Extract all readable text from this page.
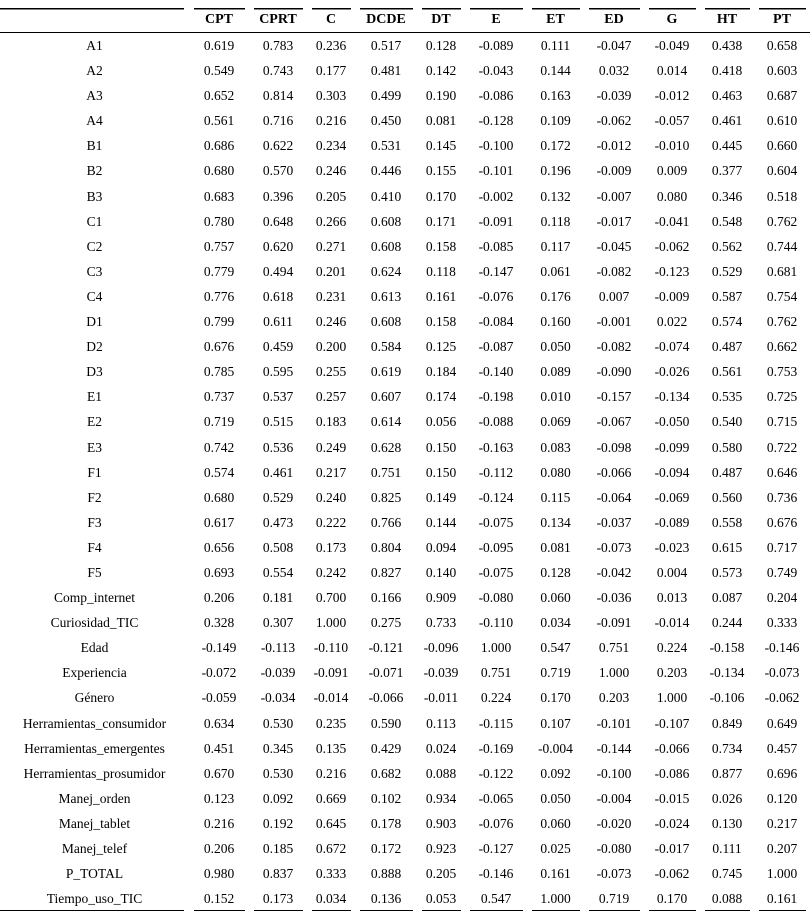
	CPT	CPRT	C	DCDE	DT	E	ET	ED	G	HT	PT
A1	0.619	0.783	0.236	0.517	0.128	-0.089	0.111	-0.047	-0.049	0.438	0.658
A2	0.549	0.743	0.177	0.481	0.142	-0.043	0.144	0.032	0.014	0.418	0.603
A3	0.652	0.814	0.303	0.499	0.190	-0.086	0.163	-0.039	-0.012	0.463	0.687
A4	0.561	0.716	0.216	0.450	0.081	-0.128	0.109	-0.062	-0.057	0.461	0.610
B1	0.686	0.622	0.234	0.531	0.145	-0.100	0.172	-0.012	-0.010	0.445	0.660
B2	0.680	0.570	0.246	0.446	0.155	-0.101	0.196	-0.009	0.009	0.377	0.604
B3	0.683	0.396	0.205	0.410	0.170	-0.002	0.132	-0.007	0.080	0.346	0.518
C1	0.780	0.648	0.266	0.608	0.171	-0.091	0.118	-0.017	-0.041	0.548	0.762
C2	0.757	0.620	0.271	0.608	0.158	-0.085	0.117	-0.045	-0.062	0.562	0.744
C3	0.779	0.494	0.201	0.624	0.118	-0.147	0.061	-0.082	-0.123	0.529	0.681
C4	0.776	0.618	0.231	0.613	0.161	-0.076	0.176	0.007	-0.009	0.587	0.754
D1	0.799	0.611	0.246	0.608	0.158	-0.084	0.160	-0.001	0.022	0.574	0.762
D2	0.676	0.459	0.200	0.584	0.125	-0.087	0.050	-0.082	-0.074	0.487	0.662
D3	0.785	0.595	0.255	0.619	0.184	-0.140	0.089	-0.090	-0.026	0.561	0.753
E1	0.737	0.537	0.257	0.607	0.174	-0.198	0.010	-0.157	-0.134	0.535	0.725
E2	0.719	0.515	0.183	0.614	0.056	-0.088	0.069	-0.067	-0.050	0.540	0.715
E3	0.742	0.536	0.249	0.628	0.150	-0.163	0.083	-0.098	-0.099	0.580	0.722
F1	0.574	0.461	0.217	0.751	0.150	-0.112	0.080	-0.066	-0.094	0.487	0.646
F2	0.680	0.529	0.240	0.825	0.149	-0.124	0.115	-0.064	-0.069	0.560	0.736
F3	0.617	0.473	0.222	0.766	0.144	-0.075	0.134	-0.037	-0.089	0.558	0.676
F4	0.656	0.508	0.173	0.804	0.094	-0.095	0.081	-0.073	-0.023	0.615	0.717
F5	0.693	0.554	0.242	0.827	0.140	-0.075	0.128	-0.042	0.004	0.573	0.749
Comp_internet	0.206	0.181	0.700	0.166	0.909	-0.080	0.060	-0.036	0.013	0.087	0.204
Curiosidad_TIC	0.328	0.307	1.000	0.275	0.733	-0.110	0.034	-0.091	-0.014	0.244	0.333
Edad	-0.149	-0.113	-0.110	-0.121	-0.096	1.000	0.547	0.751	0.224	-0.158	-0.146
Experiencia	-0.072	-0.039	-0.091	-0.071	-0.039	0.751	0.719	1.000	0.203	-0.134	-0.073
Género	-0.059	-0.034	-0.014	-0.066	-0.011	0.224	0.170	0.203	1.000	-0.106	-0.062
Herramientas_consumidor	0.634	0.530	0.235	0.590	0.113	-0.115	0.107	-0.101	-0.107	0.849	0.649
Herramientas_emergentes	0.451	0.345	0.135	0.429	0.024	-0.169	-0.004	-0.144	-0.066	0.734	0.457
Herramientas_prosumidor	0.670	0.530	0.216	0.682	0.088	-0.122	0.092	-0.100	-0.086	0.877	0.696
Manej_orden	0.123	0.092	0.669	0.102	0.934	-0.065	0.050	-0.004	-0.015	0.026	0.120
Manej_tablet	0.216	0.192	0.645	0.178	0.903	-0.076	0.060	-0.020	-0.024	0.130	0.217
Manej_telef	0.206	0.185	0.672	0.172	0.923	-0.127	0.025	-0.080	-0.017	0.111	0.207
P_TOTAL	0.980	0.837	0.333	0.888	0.205	-0.146	0.161	-0.073	-0.062	0.745	1.000
Tiempo_uso_TIC	0.152	0.173	0.034	0.136	0.053	0.547	1.000	0.719	0.170	0.088	0.161
